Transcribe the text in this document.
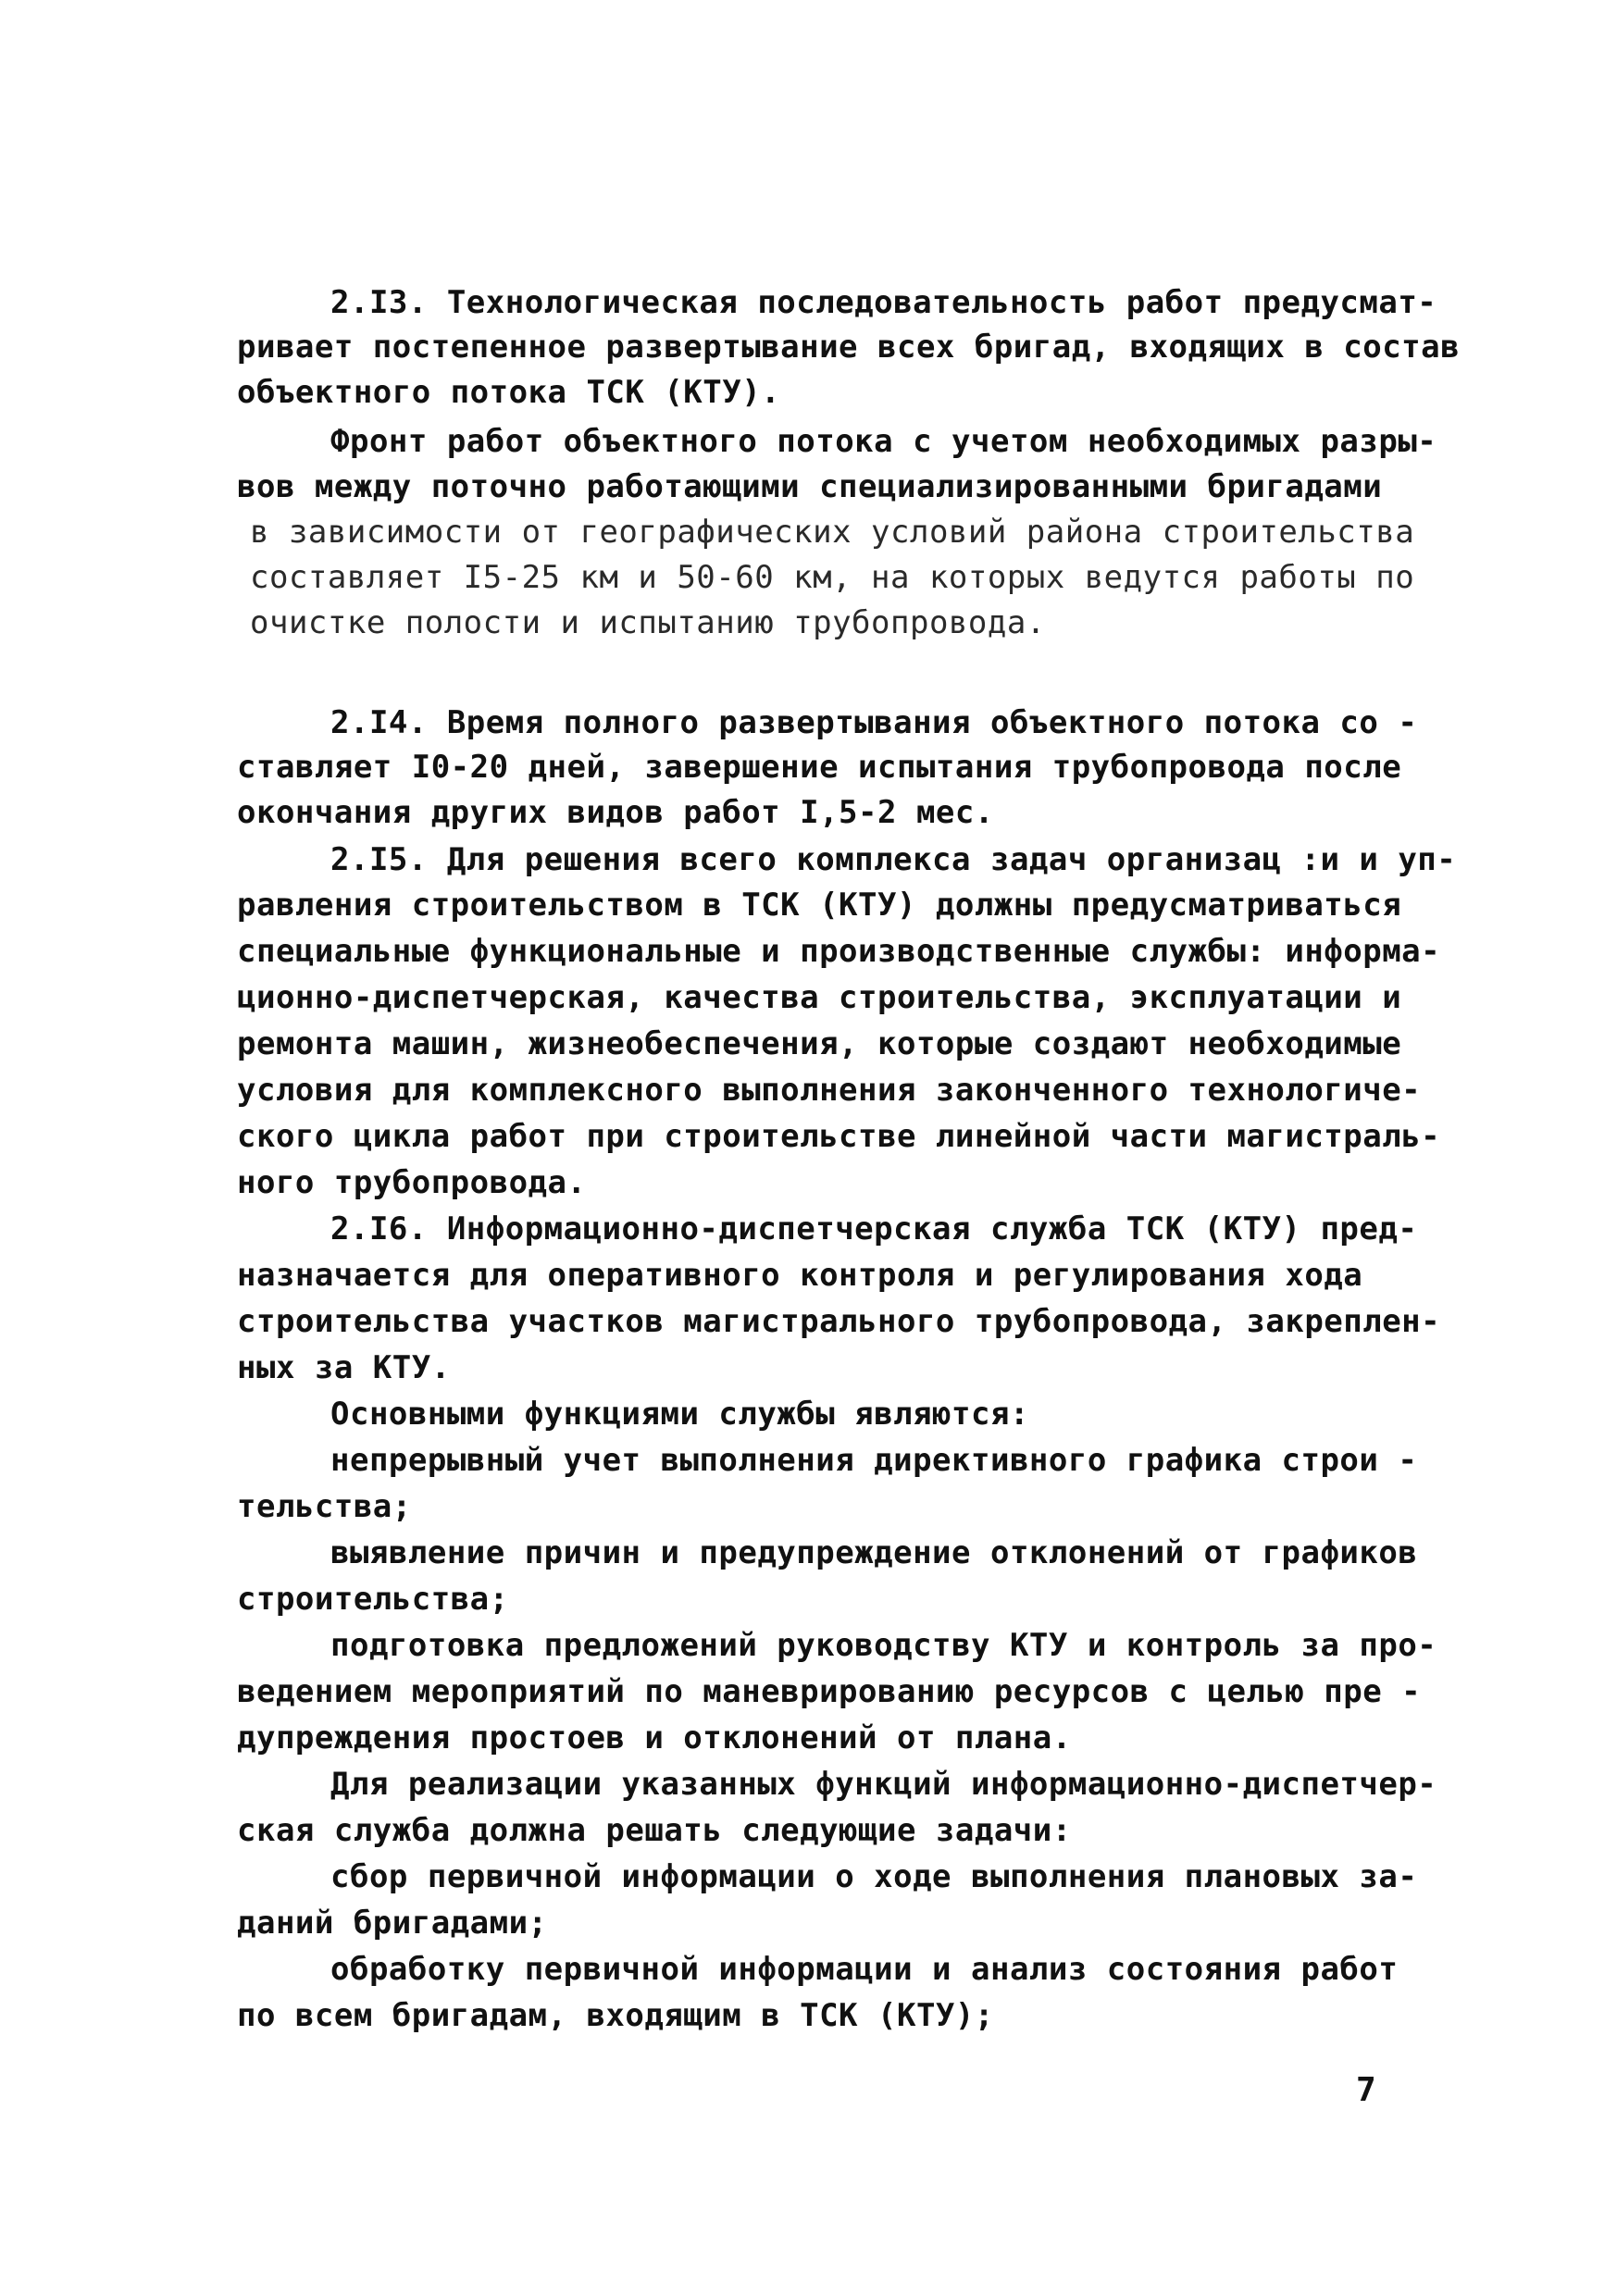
2.I3. Технологическая последовательность работ предусмат-
ривает постепенное развертывание всех бригад, входящих в состав
объектного потока ТСК (КТУ).
Фронт работ объектного потока с учетом необходимых разры-
вов между поточно работающими специализированными бригадами
в зависимости от географических условий района строительства
составляет I5-25 км и 50-60 км, на которых ведутся работы по
очистке полости и испытанию трубопровода.
2.I4. Время полного развертывания объектного потока со -
ставляет I0-20 дней, завершение испытания трубопровода после
окончания других видов работ I,5-2 мес.
2.I5. Для решения всего комплекса задач организац :и и уп-
равления строительством в ТСК (КТУ) должны предусматриваться
специальные функциональные и производственные службы: информа-
ционно-диспетчерская, качества строительства, эксплуатации и
ремонта машин, жизнеобеспечения, которые создают необходимые
условия для комплексного выполнения законченного технологиче-
ского цикла работ при строительстве линейной части магистраль-
ного трубопровода.
2.I6. Информационно-диспетчерская служба ТСК (КТУ) пред-
назначается для оперативного контроля и регулирования хода
строительства участков магистрального трубопровода, закреплен-
ных за КТУ.
Основными функциями службы являются:
непрерывный учет выполнения директивного графика строи -
тельства;
выявление причин и предупреждение отклонений от графиков
строительства;
подготовка предложений руководству КТУ и контроль за про-
ведением мероприятий по маневрированию ресурсов с целью пре -
дупреждения простоев и отклонений от плана.
Для реализации указанных функций информационно-диспетчер-
ская служба должна решать следующие задачи:
сбор первичной информации о ходе выполнения плановых за-
даний бригадами;
обработку первичной информации и анализ состояния работ
по всем бригадам, входящим в ТСК (КТУ);
7
